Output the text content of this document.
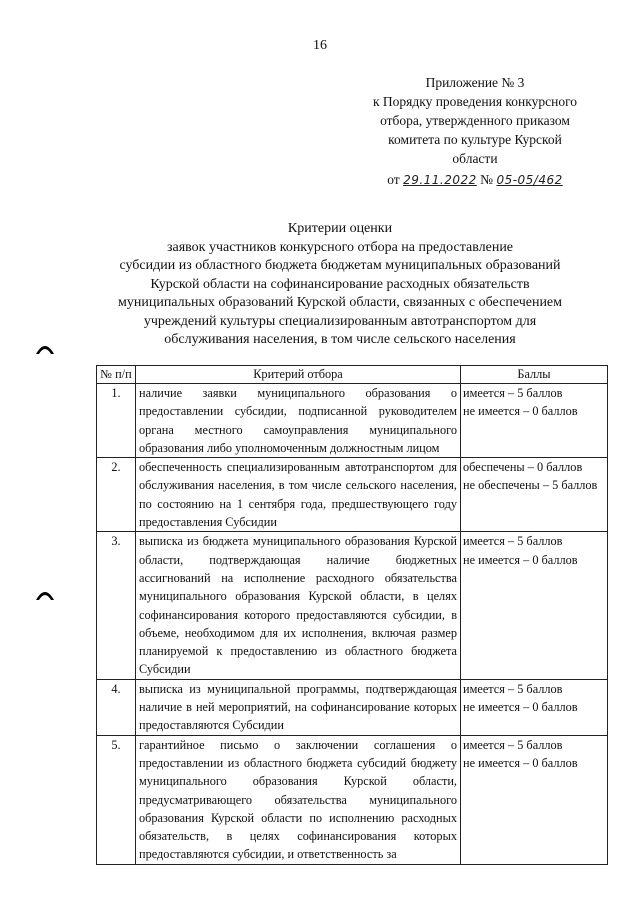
16
Приложение № 3
к Порядку проведения конкурсного
отбора, утвержденного приказом
комитета по культуре Курской
области
от 29.11.2022 № 05-05/462
Критерии оценки
заявок участников конкурсного отбора на предоставление
субсидии из областного бюджета бюджетам муниципальных образований
Курской области на софинансирование расходных обязательств
муниципальных образований Курской области, связанных с обеспечением
учреждений культуры специализированным автотранспортом для
обслуживания населения, в том числе сельского населения
№ п/п	Критерий отбора	Баллы
1.	наличие заявки муниципального образования о предоставлении субсидии, подписанной руководителем органа местного самоуправления муниципального образования либо уполномоченным должностным лицом	имеется – 5 баллов
не имеется – 0 баллов

2.	обеспеченность специализированным автотранспортом для обслуживания населения, в том числе сельского населения, по состоянию на 1 сентября года, предшествующего году предоставления Субсидии	обеспечены – 0 баллов
не обеспечены – 5 баллов

3.	выписка из бюджета муниципального образования Курской области, подтверждающая наличие бюджетных ассигнований на исполнение расходного обязательства муниципального образования Курской области, в целях софинансирования которого предоставляются субсидии, в объеме, необходимом для их исполнения, включая размер планируемой к предоставлению из областного бюджета Субсидии	имеется – 5 баллов
не имеется – 0 баллов

4.	выписка из муниципальной программы, подтверждающая наличие в ней мероприятий, на софинансирование которых предоставляются Субсидии	имеется – 5 баллов
не имеется – 0 баллов

5.	гарантийное письмо о заключении соглашения о предоставлении из областного бюджета субсидий бюджету муниципального образования Курской области, предусматривающего обязательства муниципального образования Курской области по исполнению расходных обязательств, в целях софинансирования которых предоставляются субсидии, и ответственность за	имеется – 5 баллов
не имеется – 0 баллов
